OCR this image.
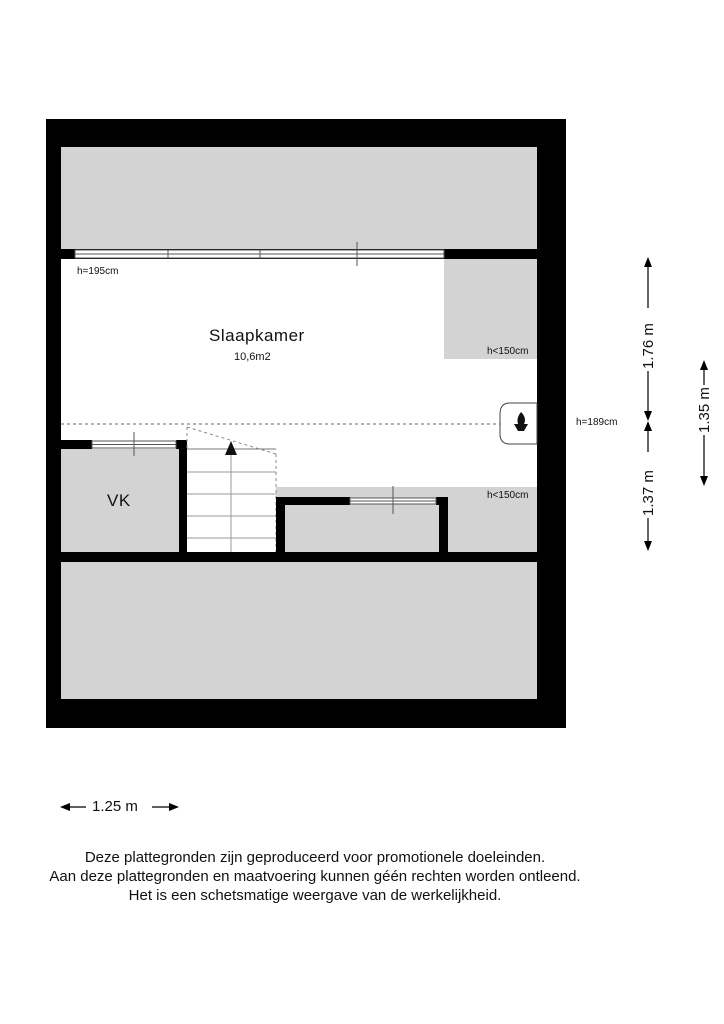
h=195cm
Slaapkamer
10,6m2	h<150cm
h=189cm
h<150cm
VK
1.76 m
1.37 m
1.35 m
1.25 m
Deze plattegronden zijn geproduceerd voor promotionele doeleinden.
Aan deze plattegronden en maatvoering kunnen géén rechten worden ontleend.
Het is een schetsmatige weergave van de werkelijkheid.
